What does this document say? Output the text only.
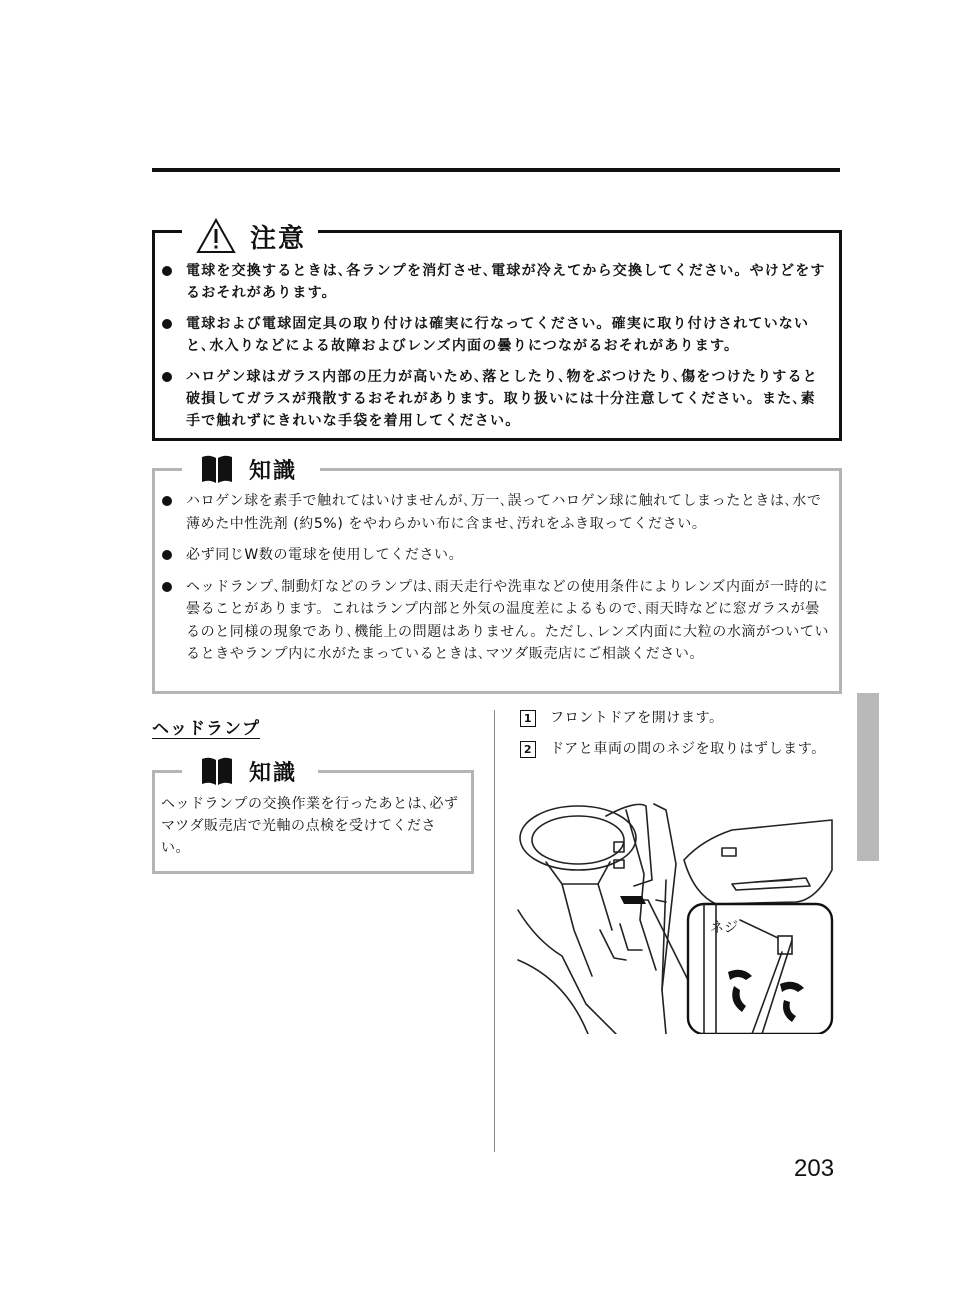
注意
電球を交換するときは､各ランプを消灯させ､電球が冷えてから交換してください。やけどをするおそれがあります。
電球および電球固定具の取り付けは確実に行なってください。確実に取り付けされていないと､水入りなどによる故障およびレンズ内面の曇りにつながるおそれがあります。
ハロゲン球はガラス内部の圧力が高いため､落としたり､物をぶつけたり､傷をつけたりすると破損してガラスが飛散するおそれがあります。取り扱いには十分注意してください。また､素手で触れずにきれいな手袋を着用してください。
知識
ハロゲン球を素手で触れてはいけませんが､万一､誤ってハロゲン球に触れてしまったときは､水で薄めた中性洗剤 (約5%) をやわらかい布に含ませ､汚れをふき取ってください。
必ず同じW数の電球を使用してください。
ヘッドランプ､制動灯などのランプは､雨天走行や洗車などの使用条件によりレンズ内面が一時的に曇ることがあります。これはランプ内部と外気の温度差によるもので､雨天時などに窓ガラスが曇るのと同様の現象であり､機能上の問題はありません。ただし､レンズ内面に大粒の水滴がついているときやランプ内に水がたまっているときは､マツダ販売店にご相談ください。
ヘッドランプ
知識

ヘッドランプの交換作業を行ったあとは､必ずマツダ販売店で光軸の点検を受けてください。

1 フロントドアを開けます。
2 ドアと車両の間のネジを取りはずします。
ネジ
203
